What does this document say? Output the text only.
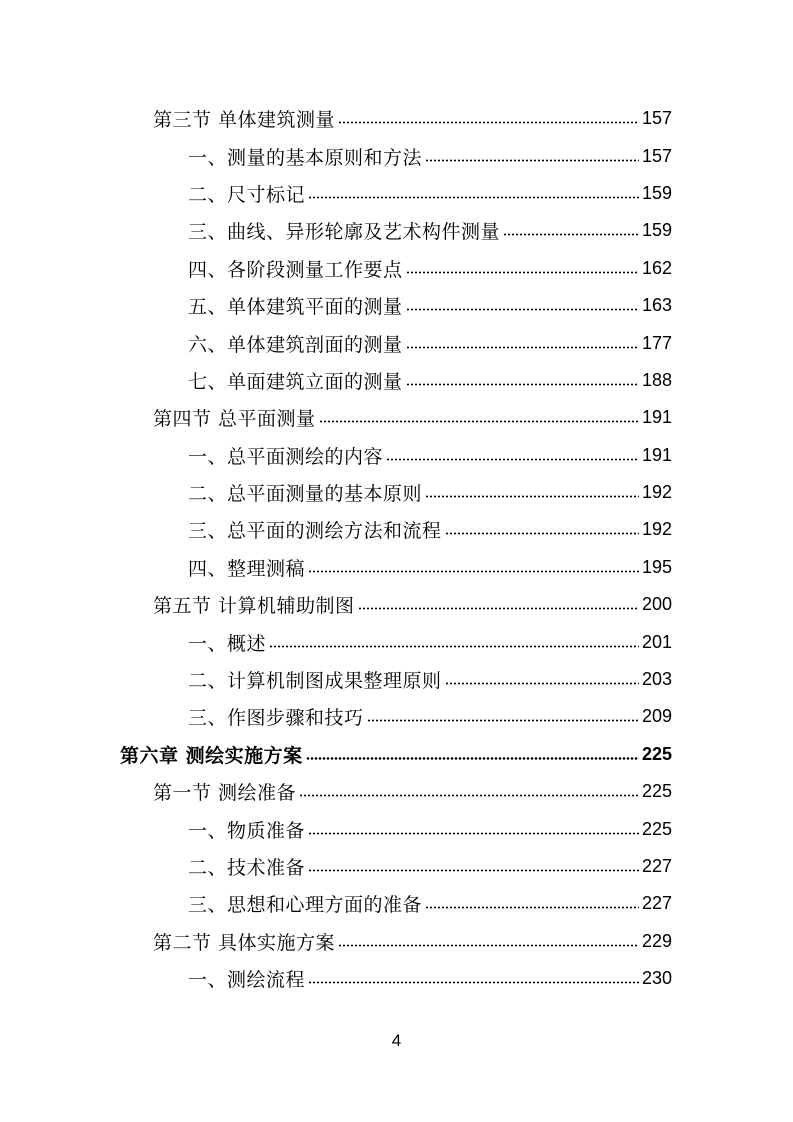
第三节 单体建筑测量	157
一、测量的基本原则和方法	157
二、尺寸标记	159
三、曲线、异形轮廓及艺术构件测量	159
四、各阶段测量工作要点	162
五、单体建筑平面的测量	163
六、单体建筑剖面的测量	177
七、单面建筑立面的测量	188
第四节 总平面测量	191
一、总平面测绘的内容	191
二、总平面测量的基本原则	192
三、总平面的测绘方法和流程	192
四、整理测稿	195
第五节 计算机辅助制图	200
一、概述	201
二、计算机制图成果整理原则	203
三、作图步骤和技巧	209
第六章 测绘实施方案	225
第一节 测绘准备	225
一、物质准备	225
二、技术准备	227
三、思想和心理方面的准备	227
第二节 具体实施方案	229
一、测绘流程	230
4
